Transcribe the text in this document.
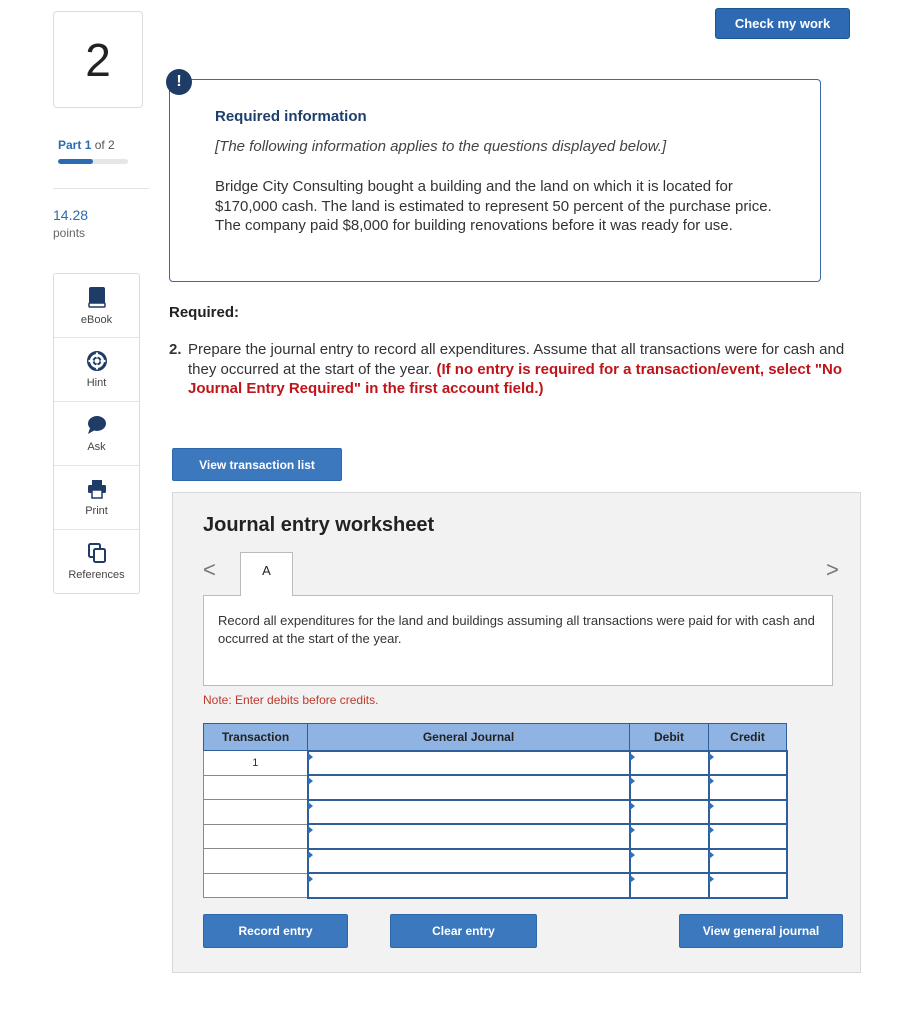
2
Part 1 of 2
14.28
points
eBook
Hint
Ask
Print
References
Check my work
!
Required information
[The following information applies to the questions displayed below.]
Bridge City Consulting bought a building and the land on which it is located for $170,000 cash. The land is estimated to represent 50 percent of the purchase price. The company paid $8,000 for building renovations before it was ready for use.
Required:
2. Prepare the journal entry to record all expenditures. Assume that all transactions were for cash and they occurred at the start of the year. (If no entry is required for a transaction/event, select "No Journal Entry Required" in the first account field.)
View transaction list
Journal entry worksheet
<	>
A
Record all expenditures for the land and buildings assuming all transactions were paid for with cash and occurred at the start of the year.
Note: Enter debits before credits.
Transaction	General Journal	Debit	Credit
1			

Record entry	Clear entry	View general journal
